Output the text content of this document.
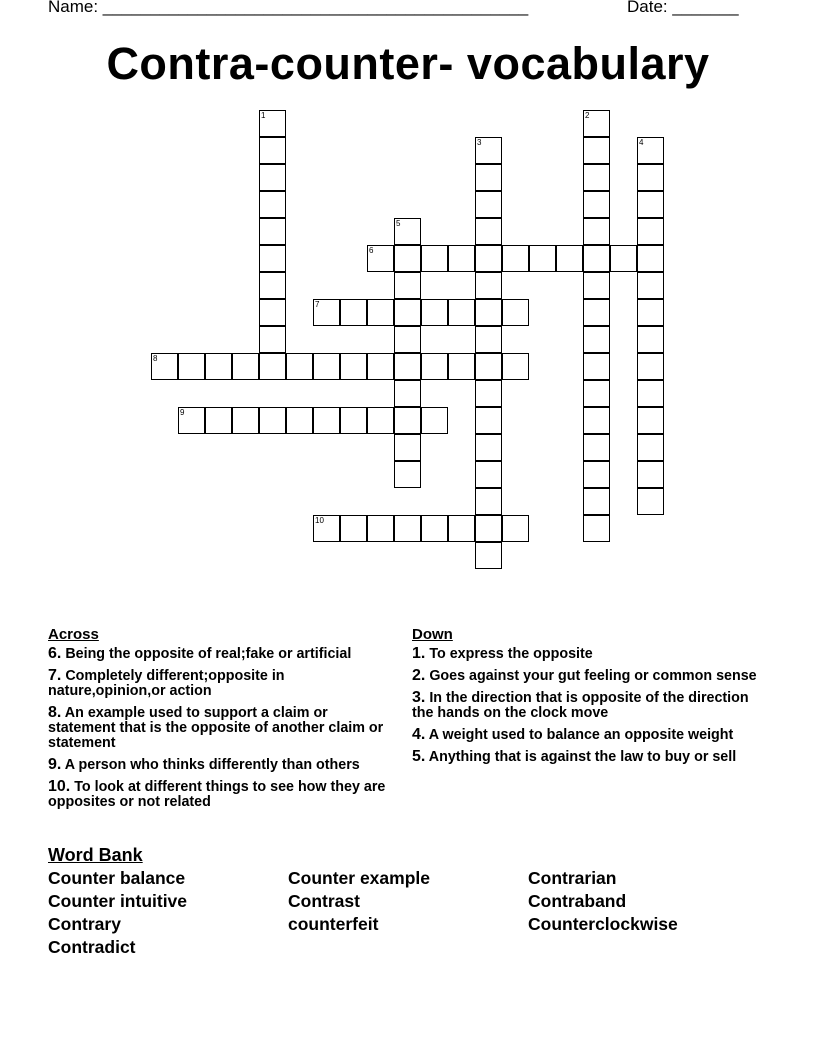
Name: _____________________________________________	Date: _______
Contra-counter- vocabulary
1	2
3	4
5
6
7
8
9
10
Across
6. Being the opposite of real;fake or artificial
7. Completely different;opposite in nature,opinion,or action
8. An example used to support a claim or statement that is the opposite of another claim or statement
9. A person who thinks differently than others
10. To look at different things to see how they are opposites or not related
Down
1. To express the opposite
2. Goes against your gut feeling or common sense
3. In the direction that is opposite of the direction the hands on the clock move
4. A weight used to balance an opposite weight
5. Anything that is against the law to buy or sell
Word Bank
Counter balance	Counter example	Contrarian
Counter intuitive	Contrast	Contraband
Contrary	counterfeit	Counterclockwise
Contradict
